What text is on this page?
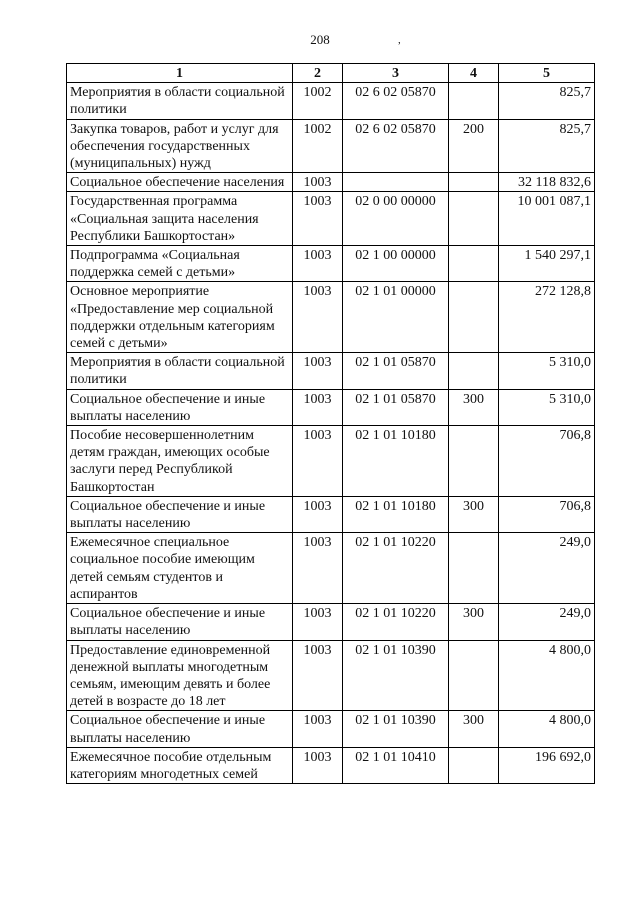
208	,
1	2	3	4	5
Мероприятия в области социальной политики	1002	02 6 02 05870		825,7
Закупка товаров, работ и услуг для обеспечения государственных (муниципальных) нужд	1002	02 6 02 05870	200	825,7
Социальное обеспечение населения	1003			32 118 832,6
Государственная программа «Социальная защита населения Республики Башкортостан»	1003	02 0 00 00000		10 001 087,1
Подпрограмма «Социальная поддержка семей с детьми»	1003	02 1 00 00000		1 540 297,1
Основное мероприятие «Предоставление мер социальной поддержки отдельным категориям семей с детьми»	1003	02 1 01 00000		272 128,8
Мероприятия в области социальной политики	1003	02 1 01 05870		5 310,0
Социальное обеспечение и иные выплаты населению	1003	02 1 01 05870	300	5 310,0
Пособие несовершеннолетним детям граждан, имеющих особые заслуги перед Республикой Башкортостан	1003	02 1 01 10180		706,8
Социальное обеспечение и иные выплаты населению	1003	02 1 01 10180	300	706,8
Ежемесячное специальное социальное пособие имеющим детей семьям студентов и аспирантов	1003	02 1 01 10220		249,0
Социальное обеспечение и иные выплаты населению	1003	02 1 01 10220	300	249,0
Предоставление единовременной денежной выплаты многодетным семьям, имеющим девять и более детей в возрасте до 18 лет	1003	02 1 01 10390		4 800,0
Социальное обеспечение и иные выплаты населению	1003	02 1 01 10390	300	4 800,0
Ежемесячное пособие отдельным категориям многодетных семей	1003	02 1 01 10410		196 692,0
